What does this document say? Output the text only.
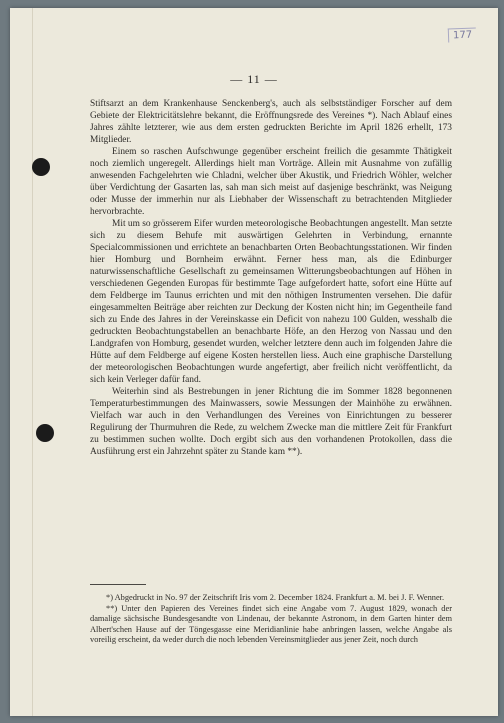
177
— 11 —

Stiftsarzt an dem Krankenhause Senckenberg's, auch als selbstständiger Forscher auf dem Gebiete der Elektricitätslehre bekannt, die Eröffnungsrede des Vereines *). Nach Ablauf eines Jahres zählte letzterer, wie aus dem ersten gedruckten Berichte im April 1826 erhellt, 173 Mitglieder.

Einem so raschen Aufschwunge gegenüber erscheint freilich die gesammte Thätigkeit noch ziemlich ungeregelt. Allerdings hielt man Vorträge. Allein mit Ausnahme von zufällig anwesenden Fachgelehrten wie Chladni, welcher über Akustik, und Friedrich Wöhler, welcher über Verdichtung der Gasarten las, sah man sich meist auf dasjenige beschränkt, was Neigung oder Musse der immerhin nur als Liebhaber der Wissenschaft zu betrachtenden Mitglieder hervorbrachte.

Mit um so grösserem Eifer wurden meteorologische Beobachtungen angestellt. Man setzte sich zu diesem Behufe mit auswärtigen Gelehrten in Verbindung, ernannte Specialcommissionen und errichtete an benachbarten Orten Beobachtungsstationen. Wir finden hier Homburg und Bornheim erwähnt. Ferner hess man, als die Edinburger naturwissenschaftliche Gesellschaft zu gemeinsamen Witterungsbeobachtungen auf Höhen in verschiedenen Gegenden Europas für bestimmte Tage aufgefordert hatte, sofort eine Hütte auf dem Feldberge im Taunus errichten und mit den nöthigen Instrumenten versehen. Die dafür eingesammelten Beiträge aber reichten zur Deckung der Kosten nicht hin; im Gegentheile fand sich zu Ende des Jahres in der Vereinskasse ein Deficit von nahezu 100 Gulden, wesshalb die gedruckten Beobachtungstabellen an benachbarte Höfe, an den Herzog von Nassau und den Landgrafen von Homburg, gesendet wurden, welcher letztere denn auch im folgenden Jahre die Hütte auf dem Feldberge auf eigene Kosten herstellen liess. Auch eine graphische Darstellung der meteorologischen Beobachtungen wurde angefertigt, aber freilich nicht veröffentlicht, da sich kein Verleger dafür fand.

Weiterhin sind als Bestrebungen in jener Richtung die im Sommer 1828 begonnenen Temperaturbestimmungen des Mainwassers, sowie Messungen der Mainhöhe zu erwähnen. Vielfach war auch in den Verhandlungen des Vereines von Einrichtungen zu besserer Regulirung der Thurmuhren die Rede, zu welchem Zwecke man die mittlere Zeit für Frankfurt zu bestimmen suchen wollte. Doch ergibt sich aus den vorhandenen Protokollen, dass die Ausführung erst ein Jahrzehnt später zu Stande kam **).

*) Abgedruckt in No. 97 der Zeitschrift Iris vom 2. December 1824. Frankfurt a. M. bei J. F. Wenner.

**) Unter den Papieren des Vereines findet sich eine Angabe vom 7. August 1829, wonach der damalige sächsische Bundesgesandte von Lindenau, der bekannte Astronom, in dem Garten hinter dem Albert'schen Hause auf der Töngesgasse eine Meridianlinie habe anbringen lassen, welche Angabe als voreilig erscheint, da weder durch die noch lebenden Vereinsmitglieder aus jener Zeit, noch durch
